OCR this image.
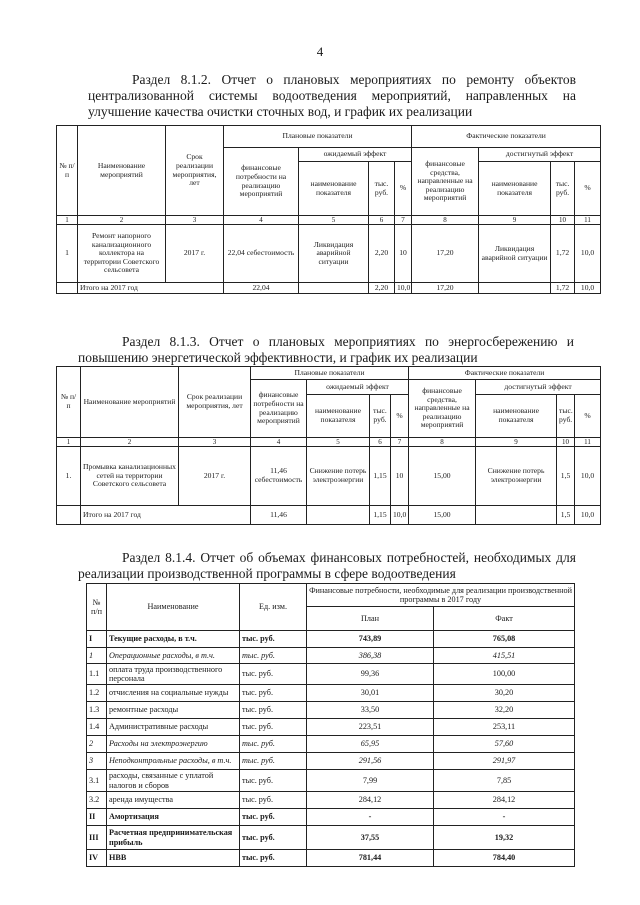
4
Раздел 8.1.2. Отчет о плановых мероприятиях по ремонту объектов централизованной системы водоотведения мероприятий, направленных на улучшение качества очистки сточных вод, и график их реализации
№ п/п	Наименование мероприятий	Срок реализации мероприятия, лет	Плановые показатели				Фактические показатели			
			финансовые потребности на реализацию мероприятий	ожидаемый эффект			финансовые средства, направленные на реализацию мероприятий	достигнутый эффект		
				наименование показателя	тыс. руб.	%		наименование показателя	тыс. руб.	%
1	2	3	4	5	6	7	8	9	10	11
1	Ремонт напорного канализационного коллектора на территории Советского сельсовета	2017 г.	22,04 себестоимость	Ликвидация аварийной ситуации	2,20	10	17,20	Ликвидация аварийной ситуации	1,72	10,0
	Итого на 2017 год		22,04		2,20	10,0	17,20		1,72	10,0
Раздел 8.1.3. Отчет о плановых мероприятиях по энергосбережению и повышению энергетической эффективности, и график их реализации
№ п/п	Наименование мероприятий	Срок реализации мероприятия, лет	Плановые показатели				Фактические показатели			
			финансовые потребности на реализацию мероприятий	ожидаемый эффект			финансовые средства, направленные на реализацию мероприятий	достигнутый эффект		
				наименование показателя	тыс. руб.	%		наименование показателя	тыс. руб.	%
1	2	3	4	5	6	7	8	9	10	11
1.	Промывка канализационных сетей на территории Советского сельсовета	2017 г.	11,46 себестоимость	Снижение потерь электроэнергии	1,15	10	15,00	Снижение потерь электроэнергии	1,5	10,0
	Итого на 2017 год		11,46		1,15	10,0	15,00		1,5	10,0
Раздел 8.1.4. Отчет об объемах финансовых потребностей, необходимых для реализации производственной программы в сфере водоотведения
№ п/п	Наименование	Ед. изм.	Финансовые потребности, необходимые для реализации производственной программы в 2017 году	
			План	Факт
I	Текущие расходы, в т.ч.	тыс. руб.	743,89	765,08
1	Операционные расходы, в т.ч.	тыс. руб.	386,38	415,51
1.1	оплата труда производственного персонала	тыс. руб.	99,36	100,00
1.2	отчисления на социальные нужды	тыс. руб.	30,01	30,20
1.3	ремонтные расходы	тыс. руб.	33,50	32,20
1.4	Административные расходы	тыс. руб.	223,51	253,11
2	Расходы на электроэнергию	тыс. руб.	65,95	57,60
3	Неподконтрольные расходы, в т.ч.	тыс. руб.	291,56	291,97
3.1	расходы, связанные с уплатой налогов и сборов	тыс. руб.	7,99	7,85
3.2	аренда имущества	тыс. руб.	284,12	284,12
II	Амортизация	тыс. руб.	-	-
III	Расчетная предпринимательская прибыль	тыс. руб.	37,55	19,32
IV	НВВ	тыс. руб.	781,44	784,40
